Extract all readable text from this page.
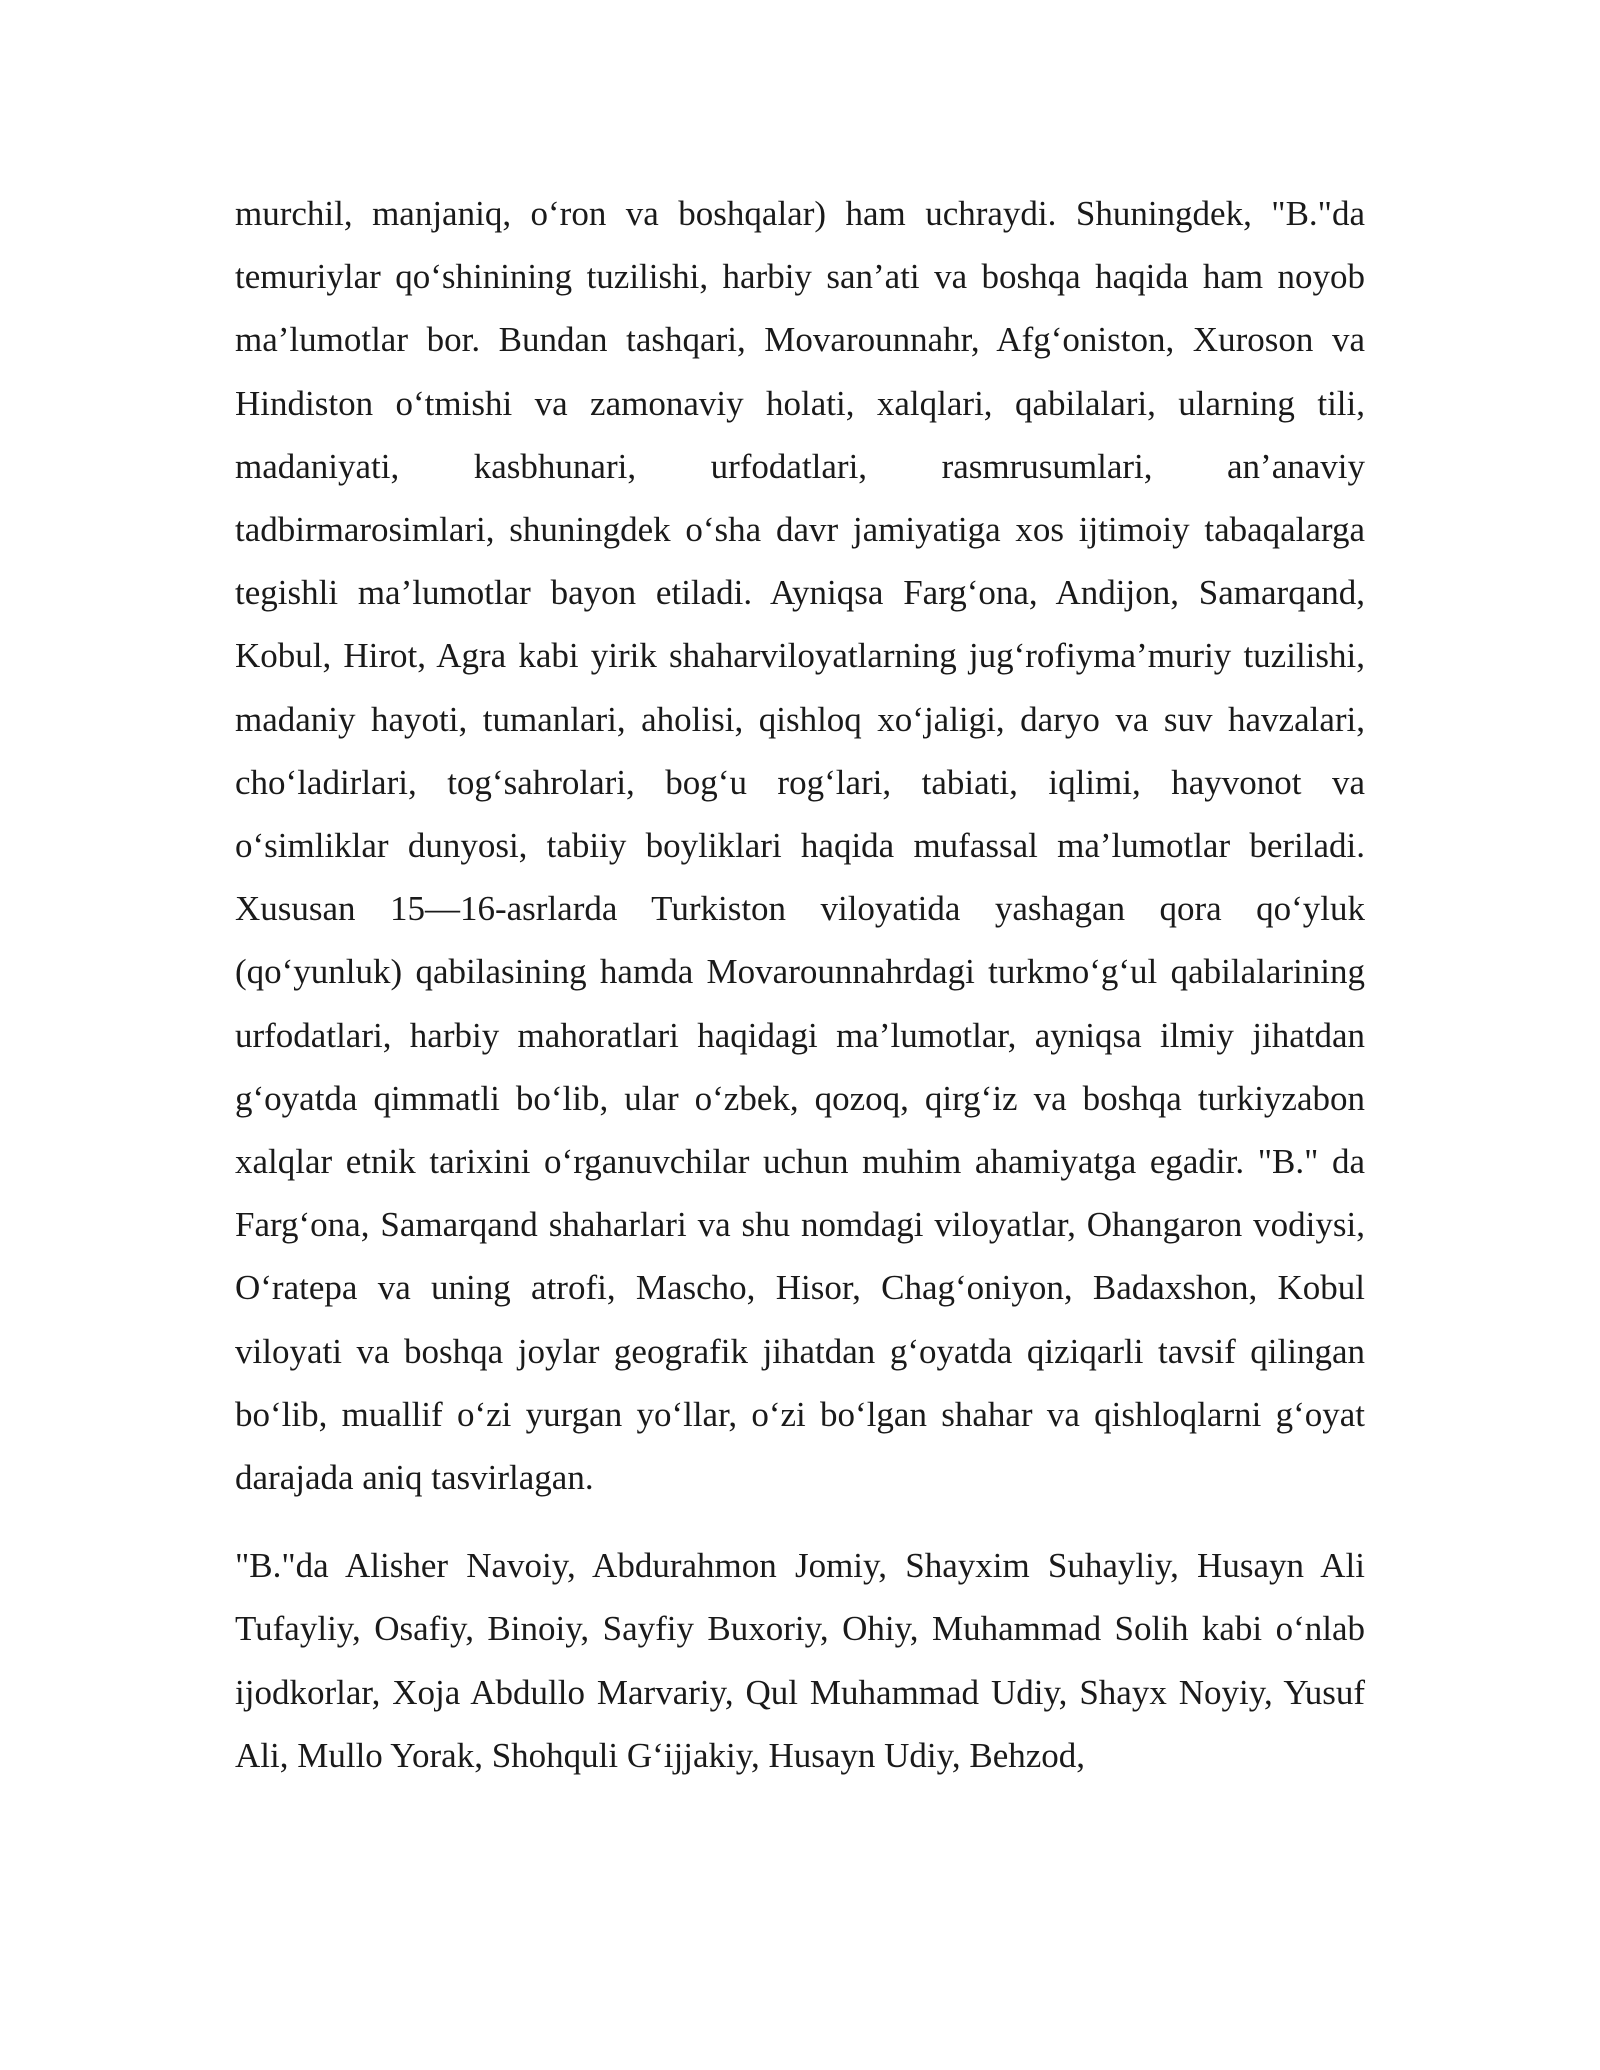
murchil, manjaniq, o‘ron va boshqalar) ham uchraydi. Shuningdek, "B."da temuriylar qo‘shinining tuzilishi, harbiy san’ati va boshqa haqida ham noyob ma’lumotlar bor. Bundan tashqari, Movarounnahr, Afg‘oniston, Xuroson va Hindiston o‘tmishi va zamonaviy holati, xalqlari, qabilalari, ularning tili, madaniyati, kasbhunari, urfodatlari, rasmrusumlari, an’anaviy tadbirmarosimlari, shuningdek o‘sha davr jamiyatiga xos ijtimoiy tabaqalarga tegishli ma’lumotlar bayon etiladi. Ayniqsa Farg‘ona, Andijon, Samarqand, Kobul, Hirot, Agra kabi yirik shaharviloyatlarning jug‘rofiyma’muriy tuzilishi, madaniy hayoti, tumanlari, aholisi, qishloq xo‘jaligi, daryo va suv havzalari, cho‘ladirlari, tog‘sahrolari, bog‘u rog‘lari, tabiati, iqlimi, hayvonot va o‘simliklar dunyosi, tabiiy boyliklari haqida mufassal ma’lumotlar beriladi. Xususan 15—16-asrlarda Turkiston viloyatida yashagan qora qo‘yluk (qo‘yunluk) qabilasining hamda Movarounnahrdagi turkmo‘g‘ul qabilalarining urfodatlari, harbiy mahoratlari haqidagi ma’lumotlar, ayniqsa ilmiy jihatdan g‘oyatda qimmatli bo‘lib, ular o‘zbek, qozoq, qirg‘iz va boshqa turkiyzabon xalqlar etnik tarixini o‘rganuvchilar uchun muhim ahamiyatga egadir. "B." da Farg‘ona, Samarqand shaharlari va shu nomdagi viloyatlar, Ohangaron vodiysi, O‘ratepa va uning atrofi, Mascho, Hisor, Chag‘oniyon, Badaxshon, Kobul viloyati va boshqa joylar geografik jihatdan g‘oyatda qiziqarli tavsif qilingan bo‘lib, muallif o‘zi yurgan yo‘llar, o‘zi bo‘lgan shahar va qishloqlarni g‘oyat darajada aniq tasvirlagan.

"B."da Alisher Navoiy, Abdurahmon Jomiy, Shayxim Suhayliy, Husayn Ali Tufayliy, Osafiy, Binoiy, Sayfiy Buxoriy, Ohiy, Muhammad Solih kabi o‘nlab ijodkorlar, Xoja Abdullo Marvariy, Qul Muhammad Udiy, Shayx Noyiy, Yusuf Ali, Mullo Yorak, Shohquli G‘ijjakiy, Husayn Udiy, Behzod,
